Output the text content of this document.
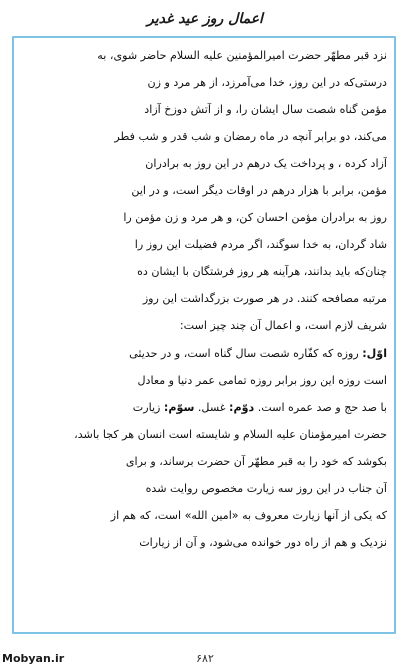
اعمال روز عید غدیر
نزد قبر مطهّر حضرت امیرالمؤمنین علیه السلام حاضر شوی، به
درستی‌که در این روز، خدا می‌آمرزد، از هر مرد و زن
مؤمن گناه شصت سال ایشان را، و از آتش دوزخ آزاد
می‌کند، دو برابر آنچه در ماه رمضان و شب قدر و شب فطر
آزاد کرده ، و پرداخت یک درهم در این روز به برادران
مؤمن، برابر با هزار درهم در اوقات دیگر است، و در این
روز به برادران مؤمن احسان کن، و هر مرد و زن مؤمن را
شاد گردان، به خدا سوگند، اگر مردم فضیلت این روز را
چنان‌که باید بدانند، هرآینه هر روز فرشتگان با ایشان ده
مرتبه مصافحه کنند. در هر صورت بزرگداشت این روز
شریف لازم است، و اعمال آن چند چیز است:
اوّل: روزه که کفّاره شصت سال گناه است، و در حدیثی
است روزه این روز برابر روزه تمامی عمر دنیا و معادل
با صد حج و صد عمره است. دوّم: غسل. سوّم: زیارت
حضرت امیرمؤمنان علیه السلام و شایسته است انسان هر کجا باشد،
بکوشد که خود را به قبر مطهّر آن حضرت برساند، و برای
آن جناب در این روز سه زیارت مخصوص روایت شده
که یکی از آنها زیارت معروف به «امین الله» است، که هم از
نزدیک و هم از راه دور خوانده می‌شود، و آن از زیارات
Mobyan.ir	۶۸۲
